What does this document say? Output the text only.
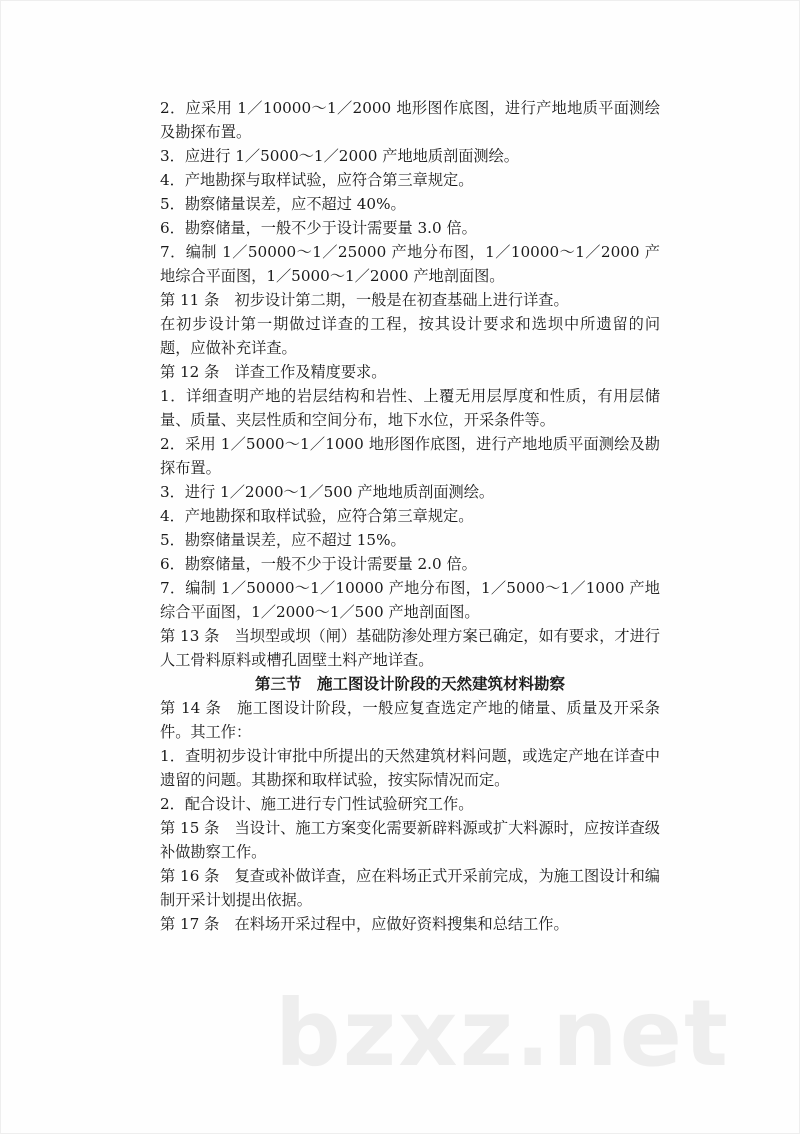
2．应采用 1／10000～1／2000 地形图作底图，进行产地地质平面测绘及勘探布置。

3．应进行 1／5000～1／2000 产地地质剖面测绘。

4．产地勘探与取样试验，应符合第三章规定。

5．勘察储量误差，应不超过 40%。

6．勘察储量，一般不少于设计需要量 3.0 倍。

7．编制 1／50000～1／25000 产地分布图，1／10000～1／2000 产地综合平面图，1／5000～1／2000 产地剖面图。

第 11 条　初步设计第二期，一般是在初查基础上进行详查。

在初步设计第一期做过详查的工程，按其设计要求和选坝中所遗留的问题，应做补充详查。

第 12 条　详查工作及精度要求。

1．详细查明产地的岩层结构和岩性、上覆无用层厚度和性质，有用层储量、质量、夹层性质和空间分布，地下水位，开采条件等。

2．采用 1／5000～1／1000 地形图作底图，进行产地地质平面测绘及勘探布置。

3．进行 1／2000～1／500 产地地质剖面测绘。

4．产地勘探和取样试验，应符合第三章规定。

5．勘察储量误差，应不超过 15%。

6．勘察储量，一般不少于设计需要量 2.0 倍。

7．编制 1／50000～1／10000 产地分布图，1／5000～1／1000 产地综合平面图，1／2000～1／500 产地剖面图。

第 13 条　当坝型或坝（闸）基础防渗处理方案已确定，如有要求，才进行人工骨料原料或槽孔固壁土料产地详查。

第三节　施工图设计阶段的天然建筑材料勘察

第 14 条　施工图设计阶段，一般应复查选定产地的储量、质量及开采条件。其工作：

1．查明初步设计审批中所提出的天然建筑材料问题，或选定产地在详查中遗留的问题。其勘探和取样试验，按实际情况而定。

2．配合设计、施工进行专门性试验研究工作。

第 15 条　当设计、施工方案变化需要新辟料源或扩大料源时，应按详查级补做勘察工作。

第 16 条　复查或补做详查，应在料场正式开采前完成，为施工图设计和编制开采计划提出依据。

第 17 条　在料场开采过程中，应做好资料搜集和总结工作。

bzxz.net
